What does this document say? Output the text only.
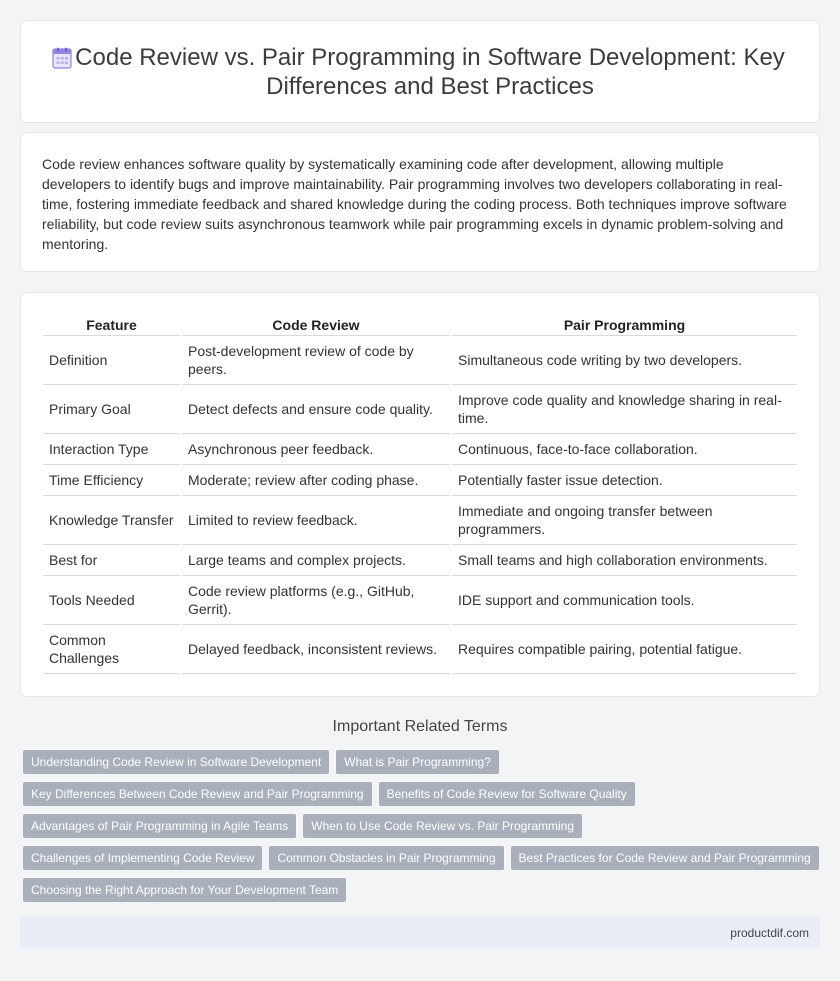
Code Review vs. Pair Programming in Software Development: Key Differences and Best Practices

Code review enhances software quality by systematically examining code after development, allowing multiple developers to identify bugs and improve maintainability. Pair programming involves two developers collaborating in real-time, fostering immediate feedback and shared knowledge during the coding process. Both techniques improve software reliability, but code review suits asynchronous teamwork while pair programming excels in dynamic problem-solving and mentoring.

Feature	Code Review	Pair Programming
Definition	Post-development review of code by peers.	Simultaneous code writing by two developers.
Primary Goal	Detect defects and ensure code quality.	Improve code quality and knowledge sharing in real-time.
Interaction Type	Asynchronous peer feedback.	Continuous, face-to-face collaboration.
Time Efficiency	Moderate; review after coding phase.	Potentially faster issue detection.
Knowledge Transfer	Limited to review feedback.	Immediate and ongoing transfer between programmers.
Best for	Large teams and complex projects.	Small teams and high collaboration environments.
Tools Needed	Code review platforms (e.g., GitHub, Gerrit).	IDE support and communication tools.
Common Challenges	Delayed feedback, inconsistent reviews.	Requires compatible pairing, potential fatigue.
Important Related Terms
Understanding Code Review in Software Development	What is Pair Programming?
Key Differences Between Code Review and Pair Programming	Benefits of Code Review for Software Quality
Advantages of Pair Programming in Agile Teams	When to Use Code Review vs. Pair Programming
Challenges of Implementing Code Review	Common Obstacles in Pair Programming	Best Practices for Code Review and Pair Programming
Choosing the Right Approach for Your Development Team
productdif.com
